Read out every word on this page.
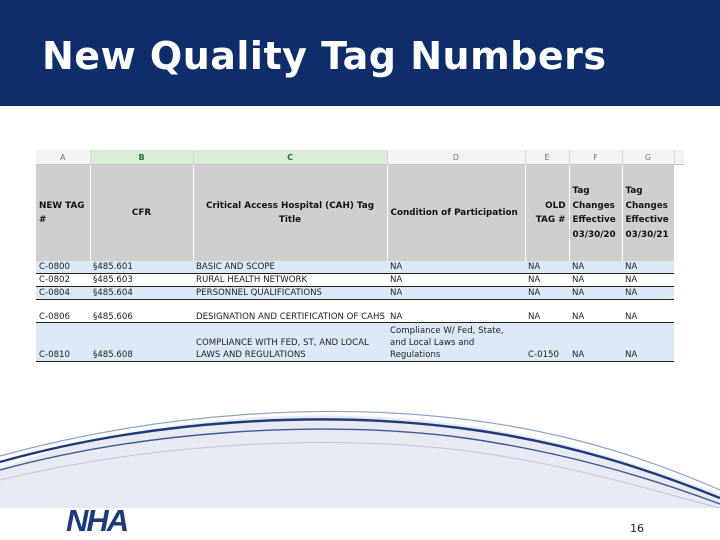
New Quality Tag Numbers
A	B	C	D	E	F	G	
NEW TAG #	CFR	Critical Access Hospital (CAH) Tag Title	Condition of Participation	OLD TAG #	Tag Changes Effective 03/30/20	Tag Changes Effective 03/30/21	
C-0800	§485.601	BASIC AND SCOPE	NA	NA	NA	NA	
C-0802	§485.603	RURAL HEALTH NETWORK	NA	NA	NA	NA	
C-0804	§485.604	PERSONNEL QUALIFICATIONS	NA	NA	NA	NA	
C-0806	§485.606	DESIGNATION AND CERTIFICATION OF CAHS	NA	NA	NA	NA	
C-0810	§485.608	COMPLIANCE WITH FED, ST, AND LOCAL LAWS AND REGULATIONS	Compliance W/ Fed, State, and Local Laws and Regulations	C-0150	NA	NA	
NHA	16
